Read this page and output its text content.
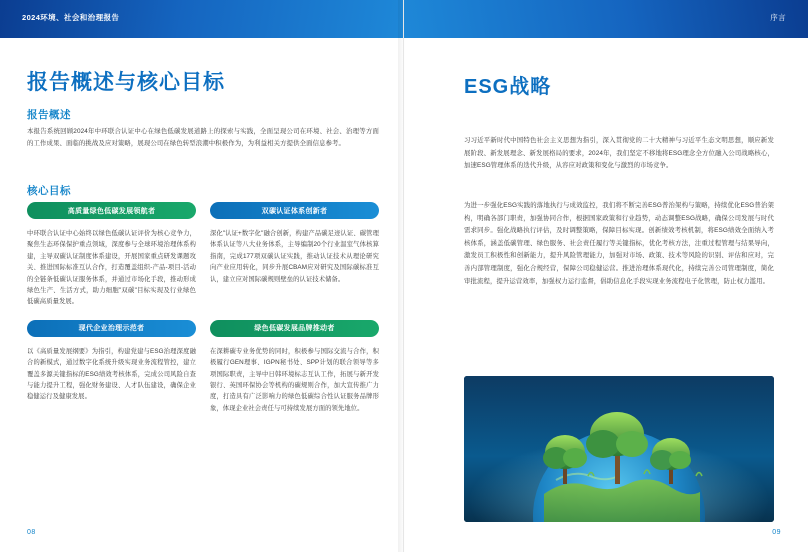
2024环境、社会和治理报告
报告概述与核心目标
报告概述
本报告系统回顾2024年中环联合认证中心在绿色低碳发展道路上的探索与实践，全面呈现公司在环境、社会、治理等方面的工作成果、面临的挑战及应对策略，展现公司在绿色转型浪潮中积极作为，为利益相关方提供全面信息参考。
核心目标
高质量绿色低碳发展领航者
中环联合认证中心始终以绿色低碳认证评价为核心竞争力，聚焦生态环保保护重点领域，深度参与全球环境治理体系构建，主导双碳认证制度体系建设，开展国家重点研发课题攻关、推进国际标准互认合作，打造覆盖组织-产品-项目-活动的全链条低碳认证服务体系，并通过市场化手段，推动形成绿色生产、生活方式，助力细胞"双碳"目标实现及行业绿色低碳高质量发展。
双碳认证体系创新者
深化"认证+数字化"融合创新，构建产品碳足迹认证、碳管理体系认证等八大业务体系，主导编制20个行业温室气体核算指南，完成177项双碳认证实践，推动认证技术从理论研究向产业应用转化，同步升展CBAM应对研究及国际碳标准互认，建立应对国际碳规则壁垒的认证技术储备。
现代企业治理示范者
以《高质量发展纲要》为指引，构建党建与ESG治理深度融合的新模式，通过数字化系统升级实现业务流程管控，建立覆盖多源关键指标的ESG绩效考核体系，完成公司风险自查与能力提升工程，强化财务建设、人才队伍建设，确保企业稳健运行及健康发展。
绿色低碳发展品牌推动者
在深耕碳专业务优势的同时，积极参与国际交流与合作，积极履行GEN理事、IGPN秘书处、SPP计划的联合领导等多项国际职责，主导中日韩环境标志互认工作，拓展与新开发银行、英国环保协会等机构的碳规则合作，加大宣传推广力度，打造具有广泛影响力的绿色低碳综合性认证服务品牌形象，体现企业社会责任与可持续发展方面的领先地位。
08
序言
ESG战略
习习近平新时代中国特色社会主义思想为指引，深入贯彻党的二十大精神与习近平生态文明思想，顺应新发展阶段、新发展理念、新发展格局的要求，2024年，我们坚定不移地将ESG理念全方位融入公司战略核心，加速ESG管理体系的迭代升级，从容应对政策和变化与激烈的市场竞争。
为进一步强化ESG实践的落地执行与成效监控，我们将不断完善ESG普治架构与策略，持续优化ESG普治架构，明确各部门职责，加强协同合作，根据国家政策和行业趋势，动态调整ESG战略，确保公司发展与时代需求同步。强化战略执行评估，及时调整策略，保障目标实现。创新绩效考核机制，将ESG绩效全面纳入考核体系，涵盖低碳管理、绿色服务、社会责任履行等关键指标，优化考核方法，注重过程管理与结果导向，激发员工积极性和创新能力，提升风险管理能力，加强对市场、政策、技术等风险的识别、评估和应对，完善内部管理制度，强化合规经营，保障公司稳健运营。推进治理体系现代化，持续完善公司管理制度，简化审批流程，提升运营效率，加强权力运行监督，倡助信息化手段实现业务流程电子化管理，防止权力滥用。
09
